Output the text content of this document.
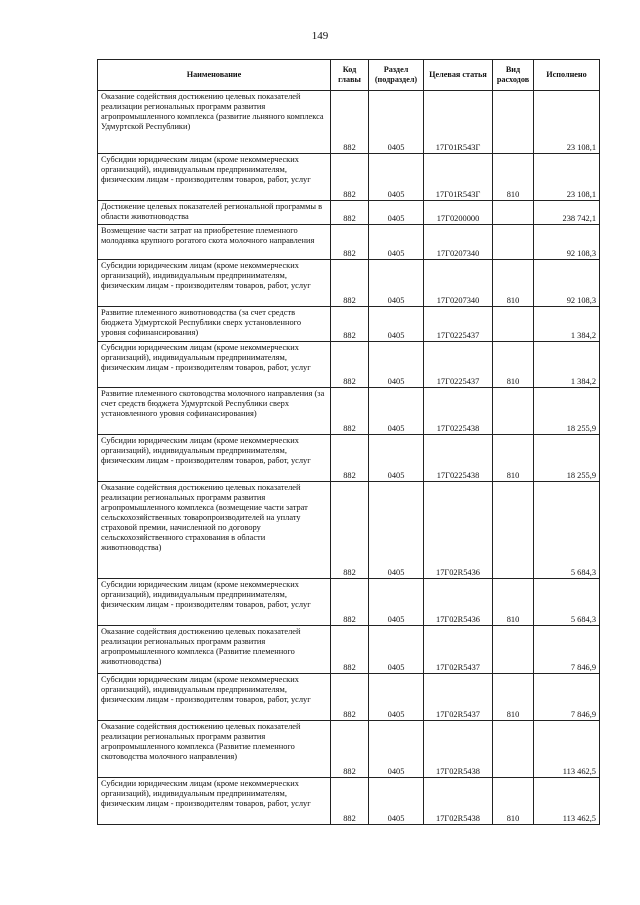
149
Наименование	Код главы	Раздел (подраздел)	Целевая статья	Вид расходов	Исполнено
Оказание содействия достижению целевых показателей реализации региональных программ развития агропромышленного комплекса (развитие льняного комплекса Удмуртской Республики)	882	0405	17Г01R543Г		23 108,1
Субсидии юридическим лицам (кроме некоммерческих организаций), индивидуальным предпринимателям, физическим лицам - производителям товаров, работ, услуг	882	0405	17Г01R543Г	810	23 108,1
Достижение целевых показателей региональной программы в области животноводства	882	0405	17Г0200000		238 742,1
Возмещение части затрат на приобретение племенного молодняка крупного рогатого скота молочного направления	882	0405	17Г0207340		92 108,3
Субсидии юридическим лицам (кроме некоммерческих организаций), индивидуальным предпринимателям, физическим лицам - производителям товаров, работ, услуг	882	0405	17Г0207340	810	92 108,3
Развитие племенного животноводства (за счет средств бюджета Удмуртской Республики сверх установленного уровня софинансирования)	882	0405	17Г0225437		1 384,2
Субсидии юридическим лицам (кроме некоммерческих организаций), индивидуальным предпринимателям, физическим лицам - производителям товаров, работ, услуг	882	0405	17Г0225437	810	1 384,2
Развитие племенного скотоводства молочного направления (за счет средств бюджета Удмуртской Республики сверх установленного уровня софинансирования)	882	0405	17Г0225438		18 255,9
Субсидии юридическим лицам (кроме некоммерческих организаций), индивидуальным предпринимателям, физическим лицам - производителям товаров, работ, услуг	882	0405	17Г0225438	810	18 255,9
Оказание содействия достижению целевых показателей реализации региональных программ развития агропромышленного комплекса (возмещение части затрат сельскохозяйственных товаропроизводителей на уплату страховой премии, начисленной по договору сельскохозяйственного страхования в области животноводства)	882	0405	17Г02R5436		5 684,3
Субсидии юридическим лицам (кроме некоммерческих организаций), индивидуальным предпринимателям, физическим лицам - производителям товаров, работ, услуг	882	0405	17Г02R5436	810	5 684,3
Оказание содействия достижению целевых показателей реализации региональных программ развития агропромышленного комплекса (Развитие племенного животноводства)	882	0405	17Г02R5437		7 846,9
Субсидии юридическим лицам (кроме некоммерческих организаций), индивидуальным предпринимателям, физическим лицам - производителям товаров, работ, услуг	882	0405	17Г02R5437	810	7 846,9
Оказание содействия достижению целевых показателей реализации региональных программ развития агропромышленного комплекса (Развитие племенного скотоводства молочного направления)	882	0405	17Г02R5438		113 462,5
Субсидии юридическим лицам (кроме некоммерческих организаций), индивидуальным предпринимателям, физическим лицам - производителям товаров, работ, услуг	882	0405	17Г02R5438	810	113 462,5
